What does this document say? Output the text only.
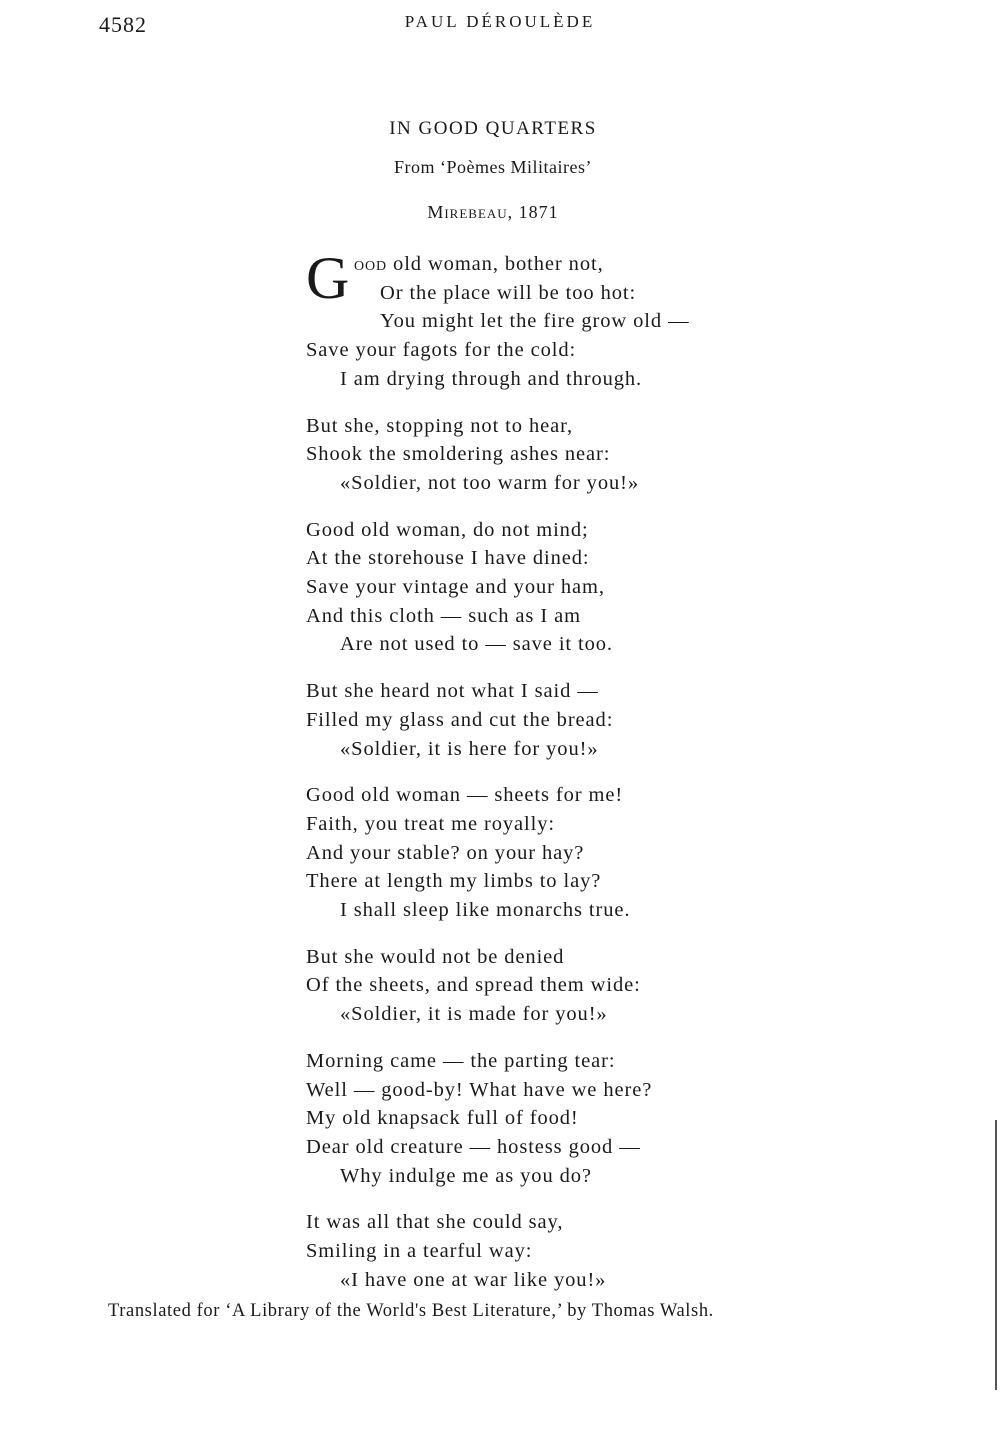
4582	PAUL DÉROULÈDE
IN GOOD QUARTERS
From ‘Poèmes Militaires’
Mirebeau, 1871
G ood old woman, bother not,
Or the place will be too hot:
You might let the fire grow old —
Save your fagots for the cold:
I am drying through and through.
But she, stopping not to hear,
Shook the smoldering ashes near:
«Soldier, not too warm for you!»
Good old woman, do not mind;
At the storehouse I have dined:
Save your vintage and your ham,
And this cloth — such as I am
Are not used to — save it too.
But she heard not what I said —
Filled my glass and cut the bread:
«Soldier, it is here for you!»
Good old woman — sheets for me!
Faith, you treat me royally:
And your stable? on your hay?
There at length my limbs to lay?
I shall sleep like monarchs true.
But she would not be denied
Of the sheets, and spread them wide:
«Soldier, it is made for you!»
Morning came — the parting tear:
Well — good-by! What have we here?
My old knapsack full of food!
Dear old creature — hostess good —
Why indulge me as you do?
It was all that she could say,
Smiling in a tearful way:
«I have one at war like you!»
Translated for ‘A Library of the World's Best Literature,’ by Thomas Walsh.
